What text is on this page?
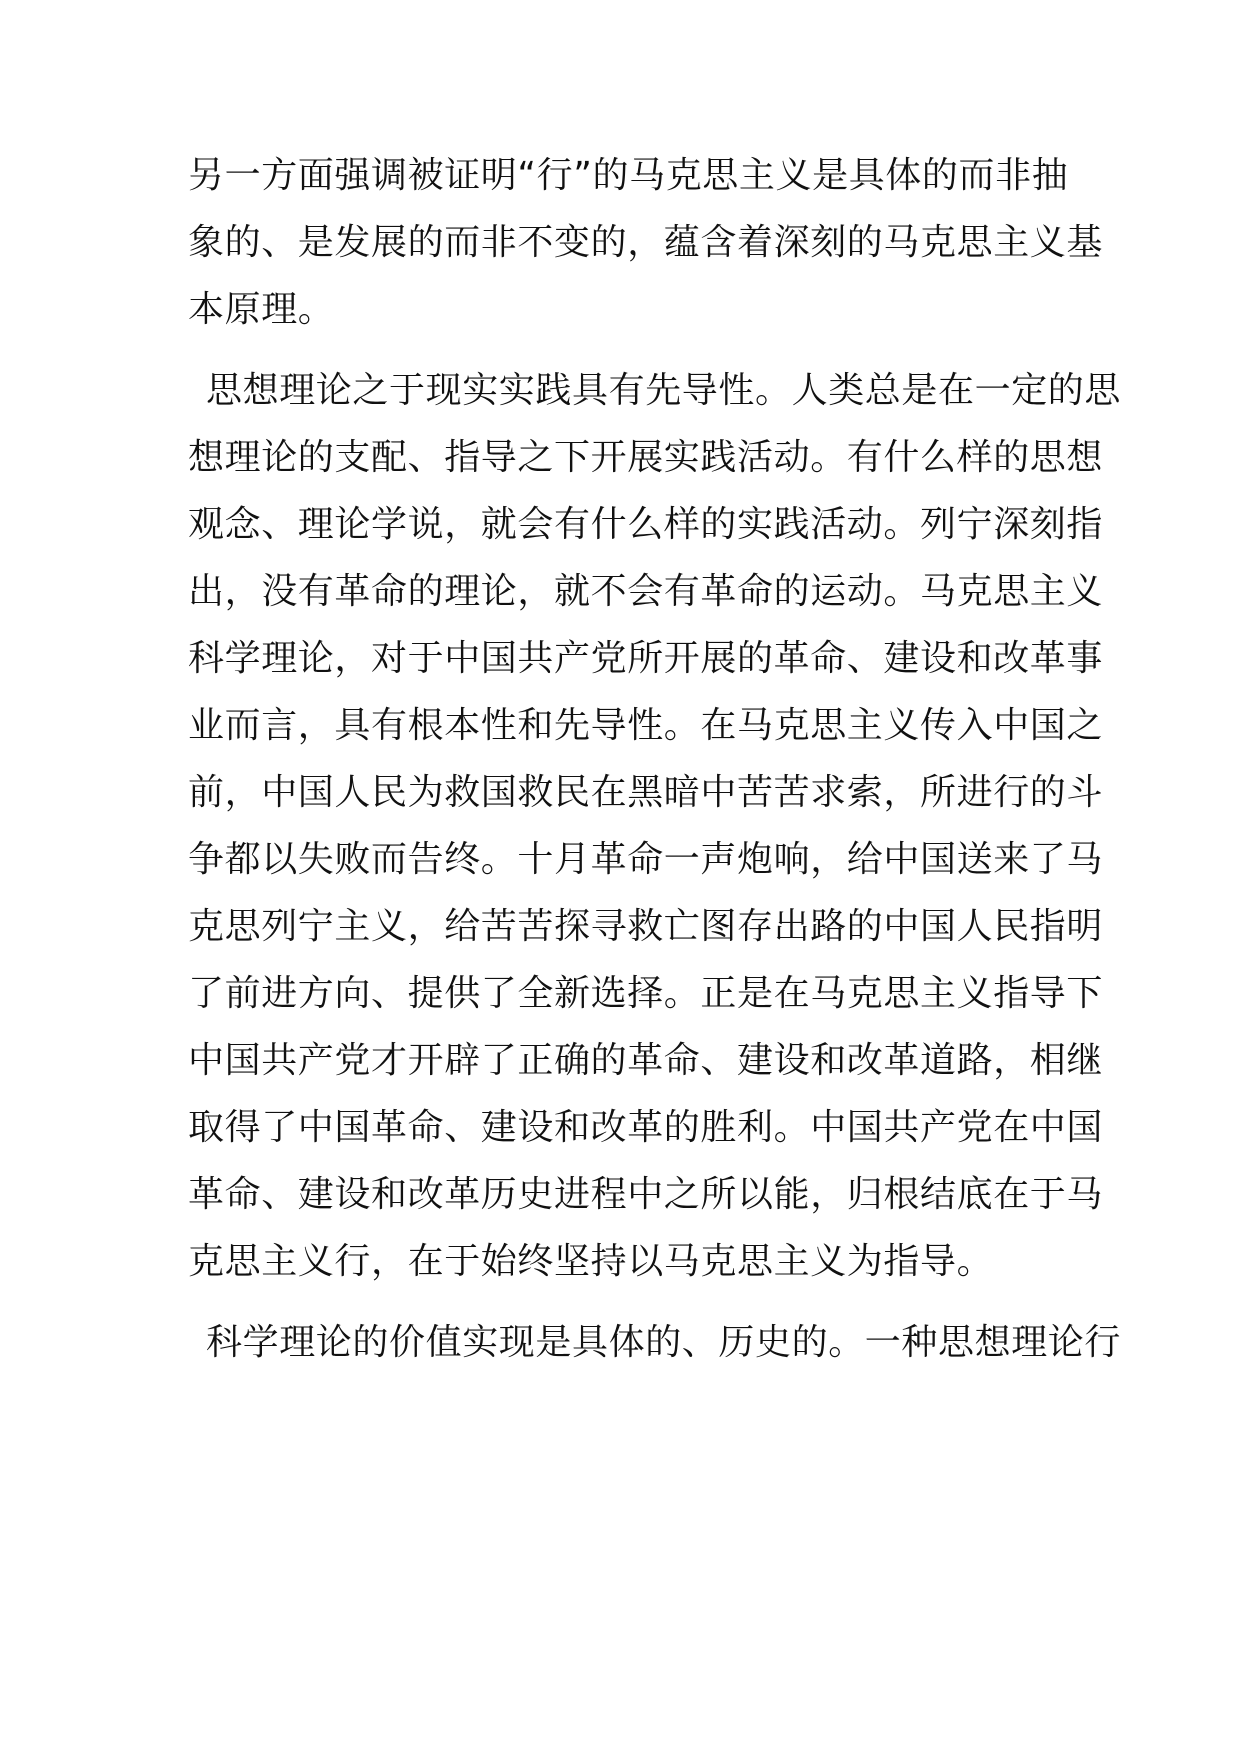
另一方面强调被证明“行”的马克思主义是具体的而非抽
象的、是发展的而非不变的，蕴含着深刻的马克思主义基
本原理。
思想理论之于现实实践具有先导性。人类总是在一定的思
想理论的支配、指导之下开展实践活动。有什么样的思想
观念、理论学说，就会有什么样的实践活动。列宁深刻指
出，没有革命的理论，就不会有革命的运动。马克思主义
科学理论，对于中国共产党所开展的革命、建设和改革事
业而言，具有根本性和先导性。在马克思主义传入中国之
前，中国人民为救国救民在黑暗中苦苦求索，所进行的斗
争都以失败而告终。十月革命一声炮响，给中国送来了马
克思列宁主义，给苦苦探寻救亡图存出路的中国人民指明
了前进方向、提供了全新选择。正是在马克思主义指导下
中国共产党才开辟了正确的革命、建设和改革道路，相继
取得了中国革命、建设和改革的胜利。中国共产党在中国
革命、建设和改革历史进程中之所以能，归根结底在于马
克思主义行，在于始终坚持以马克思主义为指导。
科学理论的价值实现是具体的、历史的。一种思想理论行
